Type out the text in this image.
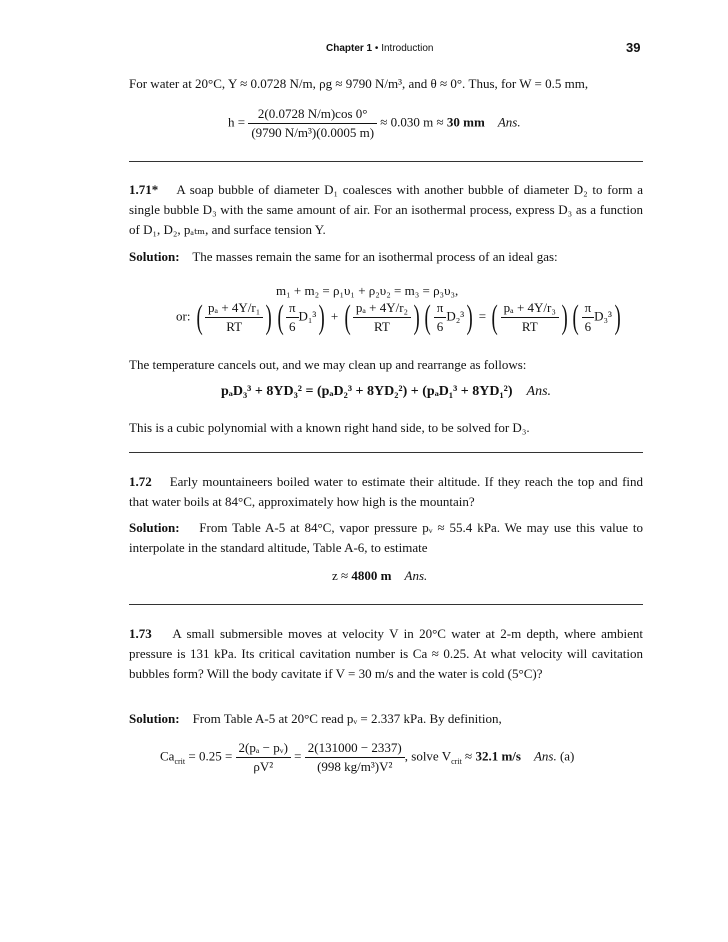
Chapter 1 • Introduction	39
For water at 20°C, Y ≈ 0.0728 N/m, ρg ≈ 9790 N/m³, and θ ≈ 0°. Thus, for W = 0.5 mm,
$h = \frac{2(0.0728 N/m)\cos 0^\circ}{\text{(9790 N/m³)(0.0005 m)}} \approx 0.030$ m ≈ 30 mm Ans.
1.71* A soap bubble of diameter D₁ coalesces with another bubble of diameter D₂ to form a single bubble D₃ with the same amount of air. For an isothermal process, express D₃ as a function of D₁, D₂, pₐₜₘ, and surface tension Y.
Solution: The masses remain the same for an isothermal process of an ideal gas:
m₁ + m₂ = ρ₁υ₁ + ρ₂υ₂ = m₃ = ρ₃υ₃,
or: ( $\frac{\text{pₐ + 4Y/r₁}}{RT}$ ) ( $\frac{\pi}{6} D_1^3$) + ( $\frac{\text{pₐ + 4Y/r₂}}{RT}$ ) ( $\frac{\pi}{6} D_2^3$) = ( $\frac{\text{pₐ + 4Y/r₃}}{RT}$ ) ( $\frac{\pi}{6} D_3^3$)
The temperature cancels out, and we may clean up and rearrange as follows:
pₐD₃³ + 8YD₃² = (pₐD₂³ + 8YD₂²) + (pₐD₁³ + 8YD₁²) Ans.
This is a cubic polynomial with a known right hand side, to be solved for D₃.
1.72 Early mountaineers boiled water to estimate their altitude. If they reach the top and find that water boils at 84°C, approximately how high is the mountain?
Solution: From Table A-5 at 84°C, vapor pressure pᵥ ≈ 55.4 kPa. We may use this value to interpolate in the standard altitude, Table A-6, to estimate
z ≈ 4800 m Ans.
1.73 A small submersible moves at velocity V in 20°C water at 2-m depth, where ambient pressure is 131 kPa. Its critical cavitation number is Ca ≈ 0.25. At what velocity will cavitation bubbles form? Will the body cavitate if V = 30 m/s and the water is cold (5°C)?
Solution: From Table A-5 at 20°C read pᵥ = 2.337 kPa. By definition,
$Ca_{crit} = 0.25 = \frac{\text{2(pₐ − pᵥ)}}{\text{ρV²}} = \frac{2(131000 - 2337)}{\text{(998 kg/m³)V²}}$ , solve $V_{crit} \approx 32.1$ m/s Ans. (a)
